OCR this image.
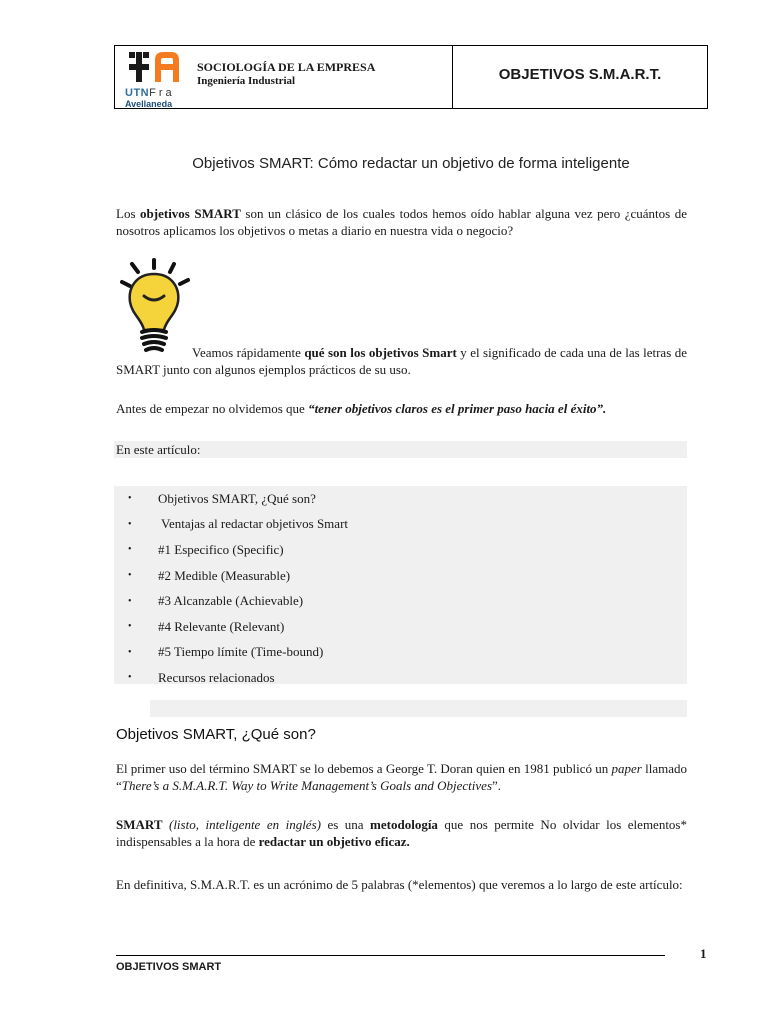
UTNFra
Avellaneda
SOCIOLOGÍA DE LA EMPRESA
Ingeniería Industrial	OBJETIVOS S.M.A.R.T.
Objetivos SMART: Cómo redactar un objetivo de forma inteligente

Los objetivos SMART son un clásico de los cuales todos hemos oído hablar alguna vez pero ¿cuántos de nosotros aplicamos los objetivos o metas a diario en nuestra vida o negocio?

Veamos rápidamente qué son los objetivos Smart y el significado de cada una de las letras de SMART junto con algunos ejemplos prácticos de su uso.

Antes de empezar no olvidemos que “tener objetivos claros es el primer paso hacia el éxito”.

En este artículo:
•	Objetivos SMART, ¿Qué son?
•	Ventajas al redactar objetivos Smart
•	#1 Especifico (Specific)
•	#2 Medible (Measurable)
•	#3 Alcanzable (Achievable)
•	#4 Relevante (Relevant)
•	#5 Tiempo límite (Time-bound)
•	Recursos relacionados
Objetivos SMART, ¿Qué son?

El primer uso del término SMART se lo debemos a George T. Doran quien en 1981 publicó un paper llamado “There’s a S.M.A.R.T. Way to Write Management’s Goals and Objectives”.

SMART (listo, inteligente en inglés) es una metodología que nos permite No olvidar los elementos* indispensables a la hora de redactar un objetivo eficaz.

En definitiva, S.M.A.R.T. es un acrónimo de 5 palabras (*elementos) que veremos a lo largo de este artículo:

OBJETIVOS SMART
1
